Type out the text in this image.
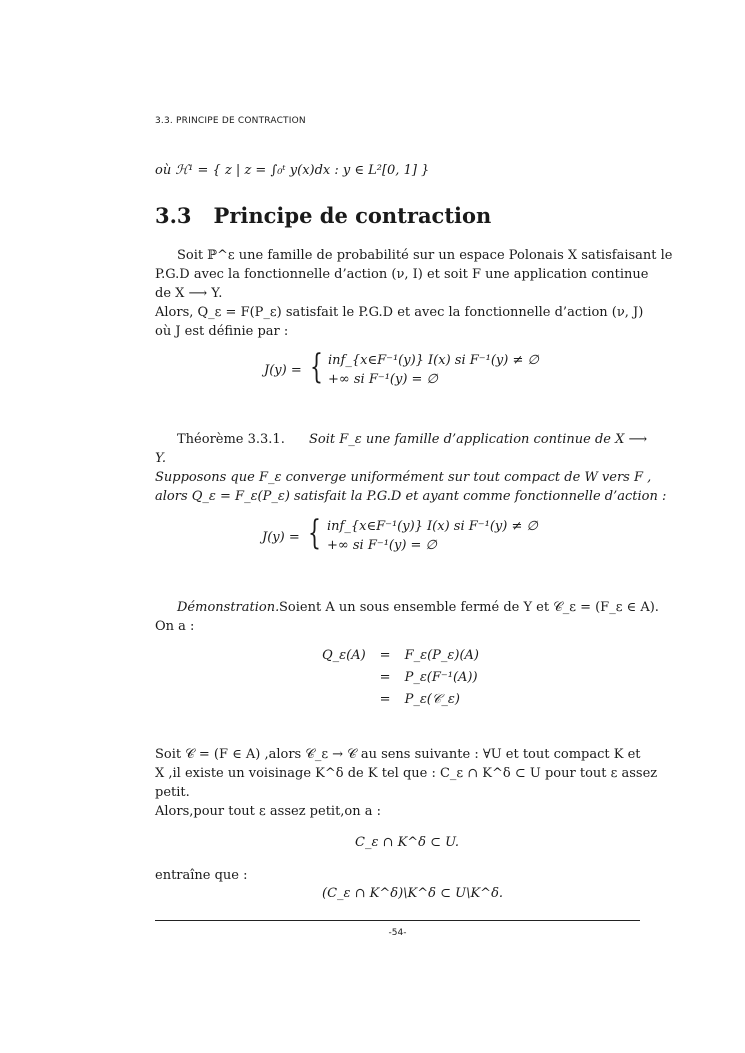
3.3. PRINCIPE DE CONTRACTION
où ℋ¹ = { z | z = ∫₀ᵗ y(x)dx : y ∈ L²[0, 1] }
3.3 Principe de contraction
Soit ℙ^ε une famille de probabilité sur un espace Polonais X satisfaisant le
P.G.D avec la fonctionnelle d’action (ν, I) et soit F une application continue
de X ⟶ Y.
Alors, Q_ε = F(P_ε) satisfait le P.G.D et avec la fonctionnelle d’action (ν, J)
où J est définie par :
J(y) = { inf_{x∈F⁻¹(y)} I(x) si F⁻¹(y) ≠ ∅
+∞ si F⁻¹(y) = ∅
Théorème 3.3.1. Soit F_ε une famille d’application continue de X ⟶
Y.
Supposons que F_ε converge uniformément sur tout compact de W vers F ,
alors Q_ε = F_ε(P_ε) satisfait la P.G.D et ayant comme fonctionnelle d’action :
J(y) = { inf_{x∈F⁻¹(y)} I(x) si F⁻¹(y) ≠ ∅
+∞ si F⁻¹(y) = ∅
Démonstration. Soient A un sous ensemble fermé de Y et 𝒞_ε = (F_ε ∈ A).
On a :
Q_ε(A)	=	F_ε(P_ε)(A)
	=	P_ε(F⁻¹(A))
	=	P_ε(𝒞_ε)
Soit 𝒞 = (F ∈ A) ,alors 𝒞_ε → 𝒞 au sens suivante : ∀U et tout compact K et
X ,il existe un voisinage K^δ de K tel que : C_ε ∩ K^δ ⊂ U pour tout ε assez
petit.
Alors,pour tout ε assez petit,on a :
C_ε ∩ K^δ ⊂ U.
entraîne que :
(C_ε ∩ K^δ)\K^δ ⊂ U\K^δ.
-54-
